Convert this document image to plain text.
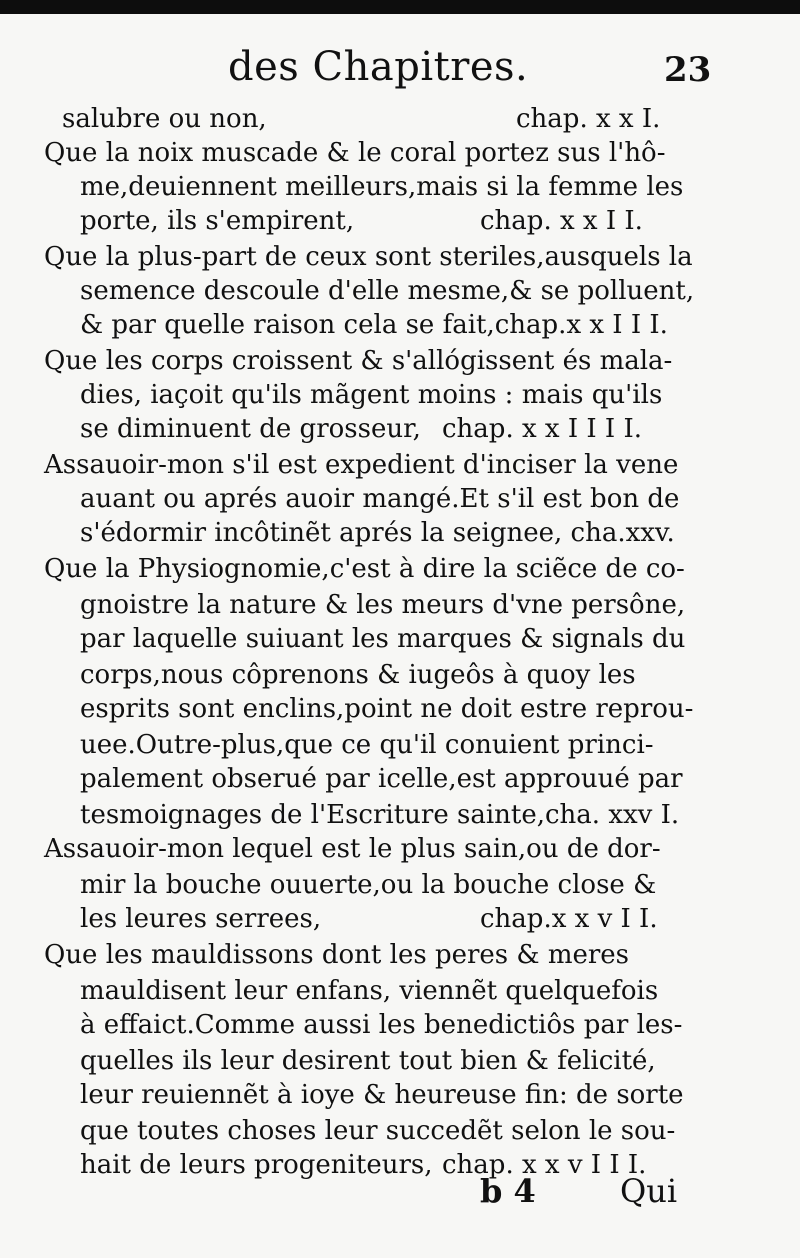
des Chapitres.	23
salubre ou non,	chap. x x I.
Que la noix muscade & le coral portez sus l'hô-
me,deuiennent meilleurs,mais si la femme les
porte, ils s'empirent,	chap. x x I I.
Que la plus-part de ceux sont steriles,ausquels la
semence descoule d'elle mesme,& se polluent,
& par quelle raison cela se fait,chap.x x I I I.
Que les corps croissent & s'allógissent és mala-
dies, iaçoit qu'ils mãgent moins : mais qu'ils
se diminuent de grosseur, chap. x x I I I I.
Assauoir-mon s'il est expedient d'inciser la vene
auant ou aprés auoir mangé.Et s'il est bon de
s'édormir incôtinẽt aprés la seignee, cha.xxv.
Que la Physiognomie,c'est à dire la sciẽce de co-
gnoistre la nature & les meurs d'vne persône,
par laquelle suiuant les marques & signals du
corps,nous côprenons & iugeôs à quoy les
esprits sont enclins,point ne doit estre reprou-
uee.Outre-plus,que ce qu'il conuient princi-
palement obserué par icelle,est approuué par
tesmoignages de l'Escriture sainte,cha. xxv I.
Assauoir-mon lequel est le plus sain,ou de dor-
mir la bouche ouuerte,ou la bouche close &
les leures serrees,	chap.x x v I I.
Que les mauldissons dont les peres & meres
mauldisent leur enfans, viennẽt quelquefois
à effaict.Comme aussi les benedictiôs par les-
quelles ils leur desirent tout bien & felicité,
leur reuiennẽt à ioye & heureuse fin: de sorte
que toutes choses leur succedẽt selon le sou-
hait de leurs progeniteurs, chap. x x v I I I.
b 4	Qui
